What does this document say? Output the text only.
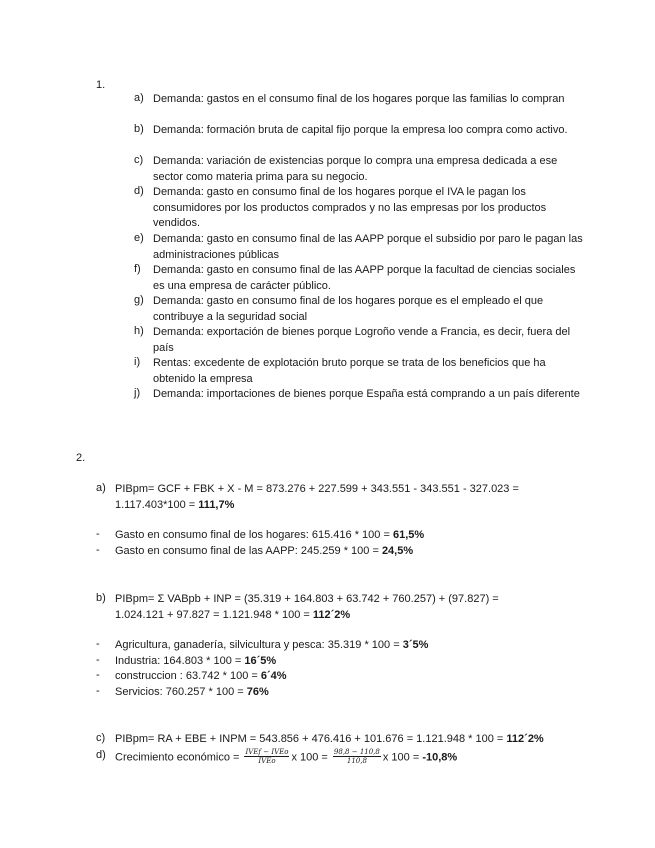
1.
a) Demanda: gastos en el consumo final de los hogares porque las familias lo compran
b) Demanda: formación bruta de capital fijo porque la empresa loo compra como activo.
c) Demanda: variación de existencias porque lo compra una empresa dedicada a ese sector como materia prima para su negocio.
d) Demanda: gasto en consumo final de los hogares porque el IVA le pagan los consumidores por los productos comprados y no las empresas por los productos vendidos.
e) Demanda: gasto en consumo final de las AAPP porque el subsidio por paro le pagan las administraciones públicas
f) Demanda: gasto en consumo final de las AAPP porque la facultad de ciencias sociales es una empresa de carácter público.
g) Demanda: gasto en consumo final de los hogares porque es el empleado el que contribuye a la seguridad social
h) Demanda: exportación de bienes porque Logroño vende a Francia, es decir, fuera del país
i) Rentas: excedente de explotación bruto porque se trata de los beneficios que ha obtenido la empresa
j) Demanda: importaciones de bienes porque España está comprando a un país diferente
2.
a) PIBpm= GCF + FBK + X - M = 873.276 + 227.599 + 343.551 - 343.551 - 327.023 =
1.117.403*100 = 111,7%
- Gasto en consumo final de los hogares: 615.416 * 100 = 61,5%
- Gasto en consumo final de las AAPP: 245.259 * 100 = 24,5%
b) PIBpm= Σ VABpb + INP = (35.319 + 164.803 + 63.742 + 760.257) + (97.827) =
1.024.121 + 97.827 = 1.121.948 * 100 = 112´2%
- Agricultura, ganadería, silvicultura y pesca: 35.319 * 100 = 3´5%
- Industria: 164.803 * 100 = 16´5%
- construccion : 63.742 * 100 = 6´4%
- Servicios: 760.257 * 100 = 76%
c) PIBpm= RA + EBE + INPM = 543.856 + 476.416 + 101.676 = 1.121.948 * 100 = 112´2%
d) Crecimiento económico = $\frac{\text{IVEf − IVEo}}{\text{IVEo}}$ x $100 = \frac{98,8 - 110,8}{110,8}$ x 100 = -10,8%
